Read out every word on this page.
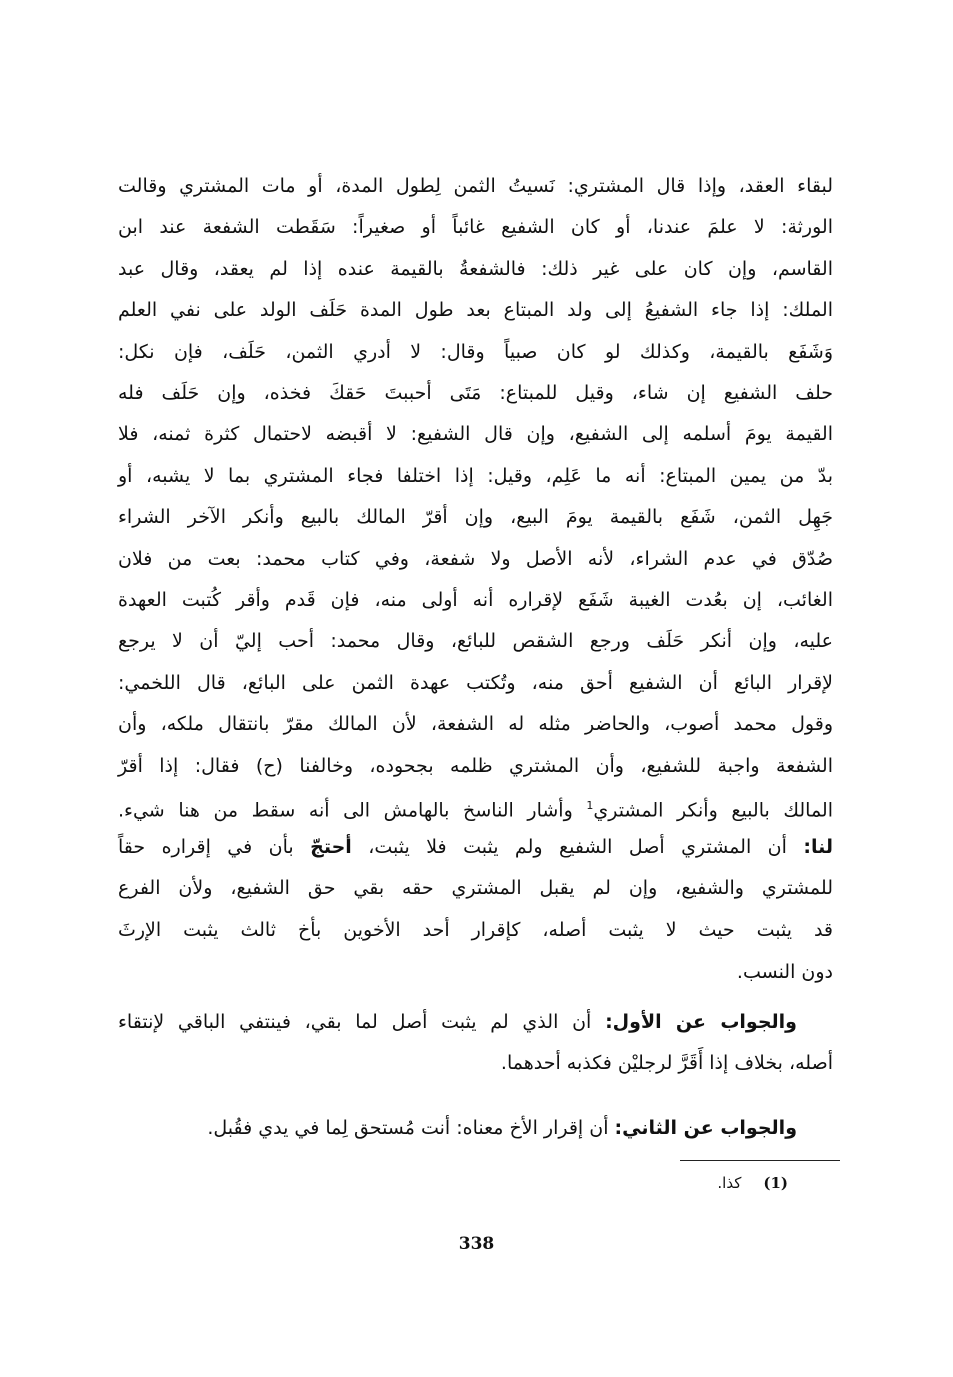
لبقاء العقد، وإذا قال المشتري: نَسيتُ الثمن لِطول المدة، أو مات المشتري وقالت
الورثة: لا علمَ عندنا، أو كان الشفيع غائباً أو صغيراً: سَقَطت الشفعة عند ابن
القاسم، وإن كان على غير ذلك: فالشفعةُ بالقيمة عنده إذا لم يعقد، وقال عبد
الملك: إذا جاء الشفيعُ إلى ولد المبتاع بعد طول المدة حَلَف الولد على نفي العلم
وَشَفَع بالقيمة، وكذلك لو كان صبياً وقال: لا أدري الثمن، حَلَف، فإن نكل:
حلف الشفيع إن شاء، وقيل للمبتاع: مَتَى أحببتَ حَقكَ فخذه، وإن حَلَف فله
القيمة يومَ أسلمه إلى الشفيع، وإن قال الشفيع: لا أقبضه لاحتمال كثرة ثمنه، فلا
بدّ من يمين المبتاع: أنه ما عَلِم، وقيل: إذا اختلفا فجاء المشتري بما لا يشبه، أو
جَهِل الثمن، شَفَع بالقيمة يومَ البيع، وإن أقرّ المالك بالبيع وأنكر الآخر الشراء
صُدّق في عدم الشراء، لأنه الأصل ولا شفعة، وفي كتاب محمد: بعت من فلان
الغائب، إن بعُدت الغيبة شَفَع لإقراره أنه أولى منه، فإن قَدم وأقر كُتبت العهدة
عليه، وإن أنكر حَلَف ورجع الشقص للبائع، وقال محمد: أحب إليّ أن لا يرجع
لإقرار البائع أن الشفيع أحق منه، وتُكتب عهدة الثمن على البائع، قال اللخمي:
وقول محمد أصوب، والحاضر مثله له الشفعة، لأن المالك مقرّ بانتقال ملكه، وأن
الشفعة واجبة للشفيع، وأن المشتري ظلمه بجحوده، وخالفنا (ح) فقال: إذا أقرّ
المالك بالبيع وأنكر المشتري$^1$ وأشار الناسخ بالهامش الى أنه سقط من هنا شيء.
لنا: أن المشتري أصل الشفيع ولم يثبت فلا يثبت، أحتجّ بأن في إقراره حقاً
للمشتري والشفيع، وإن لم يقبل المشتري حقه بقي حق الشفيع، ولأن الفرع
قد يثبت حيث لا يثبت أصله، كإقرار أحد الأخوين بأخ ثالث يثبت الإرثَ
دون النسب.
والجواب عن الأول: أن الذي لم يثبت أصل لما بقي، فينتفي الباقي لإنتقاء
أصله، بخلاف إذا أَقَرَّ لرجليْن فكذبه أحدهما.
والجواب عن الثاني: أن إقرار الأخ معناه: أنت مُستحق لِما في يدي فقُبل.
(1)كذا.
338
